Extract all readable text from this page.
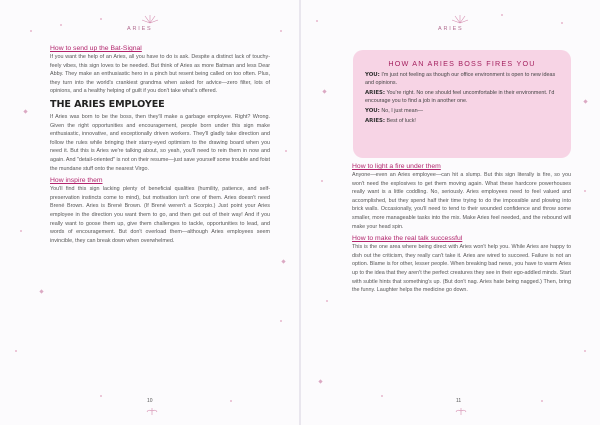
ARIES
How to send up the Bat-Signal

If you want the help of an Aries, all you have to do is ask. Despite a distinct lack of touchy-feely vibes, this sign loves to be needed. But think of Aries as more Batman and less Dear Abby. They make an enthusiastic hero in a pinch but resent being called on too often. Plus, they turn into the world's crankiest grandma when asked for advice—zero filter, lots of opinions, and a healthy helping of guilt if you don't take what's offered.

THE ARIES EMPLOYEE

If Aries was born to be the boss, then they'll make a garbage employee. Right? Wrong. Given the right opportunities and encouragement, people born under this sign make enthusiastic, innovative, and exceptionally driven workers. They'll gladly take direction and follow the rules while bringing their starry-eyed optimism to the drawing board when you need it. But this is Aries we're talking about, so yeah, you'll need to rein them in now and again. And "detail-oriented" is not on their resume—just save yourself some trouble and foist the mundane stuff onto the nearest Virgo.

How inspire them

You'll find this sign lacking plenty of beneficial qualities (humility, patience, and self-preservation instincts come to mind), but motivation isn't one of them. Aries doesn't need Brené Brown. Aries is Brené Brown. (If Brené weren't a Scorpio.) Just point your Aries employee in the direction you want them to go, and then get out of their way! And if you really want to goose them up, give them challenges to tackle, opportunities to lead, and words of encouragement. But don't overload them—although Aries employees seem invincible, they can break down when overwhelmed.

10
ARIES
HOW AN ARIES BOSS FIRES YOU

YOU: I'm just not feeling as though our office environment is open to new ideas and opinions.

ARIES: You're right. No one should feel uncomfortable in their environment. I'd encourage you to find a job in another one.

YOU: No, I just mean—

ARIES: Best of luck!

How to light a fire under them

Anyone—even an Aries employee—can hit a slump. But this sign literally is fire, so you won't need the explosives to get them moving again. What these hardcore powerhouses really want is a little coddling. No, seriously. Aries employees need to feel valued and accomplished, but they spend half their time trying to do the impossible and plowing into brick walls. Occasionally, you'll need to tend to their wounded confidence and throw some smaller, more manageable tasks into the mix. Make Aries feel needed, and the rebound will make your head spin.

How to make the real talk successful

This is the one area where being direct with Aries won't help you. While Aries are happy to dish out the criticism, they really can't take it. Aries are wired to succeed. Failure is not an option. Blame is for other, lesser people. When breaking bad news, you have to warm Aries up to the idea that they aren't the perfect creatures they see in their ego-addled minds. Start with subtle hints that something's up. (But don't nag. Aries hate being nagged.) Then, bring the funny. Laughter helps the medicine go down.

11
